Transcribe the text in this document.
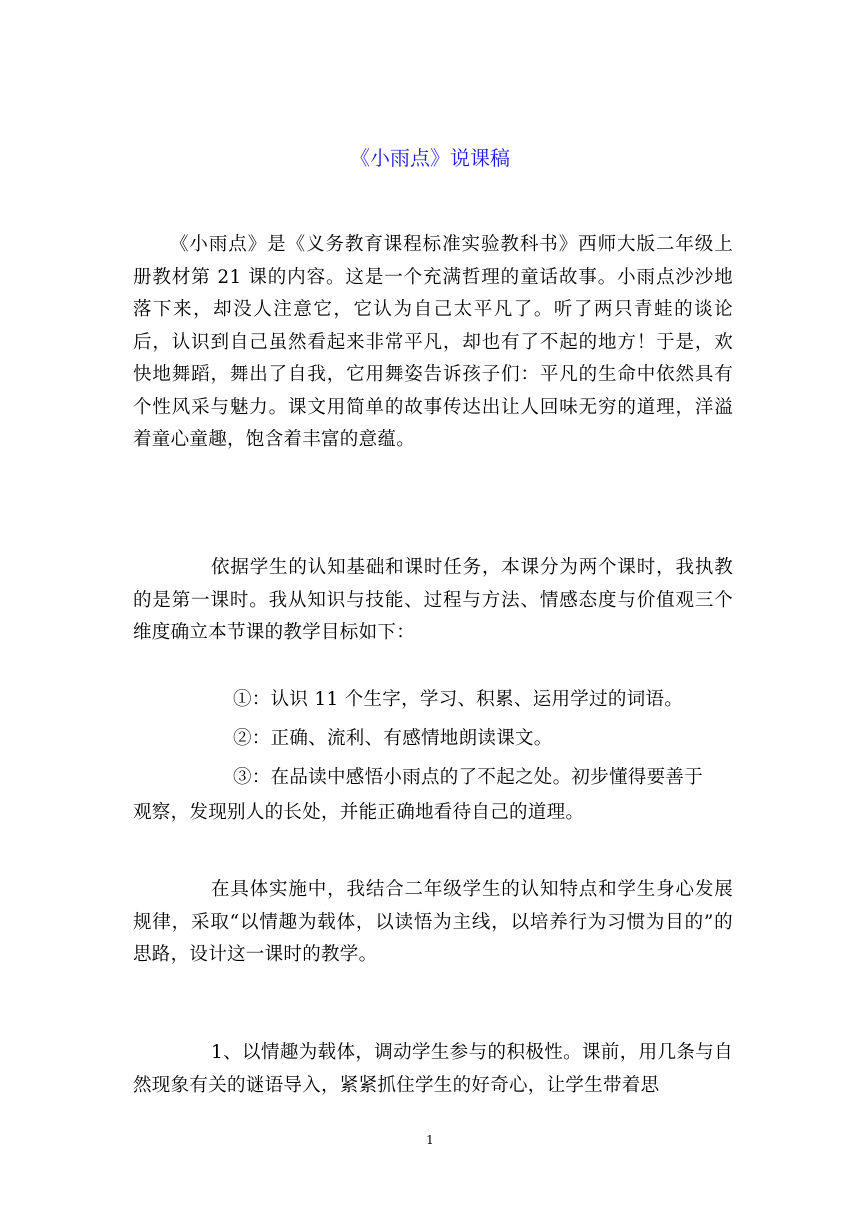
《小雨点》说课稿

《小雨点》是《义务教育课程标准实验教科书》西师大版二年级上册教材第 21 课的内容。这是一个充满哲理的童话故事。小雨点沙沙地落下来，却没人注意它，它认为自己太平凡了。听了两只青蛙的谈论后，认识到自己虽然看起来非常平凡，却也有了不起的地方！于是，欢快地舞蹈，舞出了自我，它用舞姿告诉孩子们：平凡的生命中依然具有个性风采与魅力。课文用简单的故事传达出让人回味无穷的道理，洋溢着童心童趣，饱含着丰富的意蕴。

依据学生的认知基础和课时任务，本课分为两个课时，我执教的是第一课时。我从知识与技能、过程与方法、情感态度与价值观三个维度确立本节课的教学目标如下：

①：认识 11 个生字，学习、积累、运用学过的词语。

②：正确、流利、有感情地朗读课文。

③：在品读中感悟小雨点的了不起之处。初步懂得要善于

观察，发现别人的长处，并能正确地看待自己的道理。

在具体实施中，我结合二年级学生的认知特点和学生身心发展规律，采取“以情趣为载体，以读悟为主线，以培养行为习惯为目的”的思路，设计这一课时的教学。

1、以情趣为载体，调动学生参与的积极性。课前，用几条与自然现象有关的谜语导入，紧紧抓住学生的好奇心，让学生带着思

1
